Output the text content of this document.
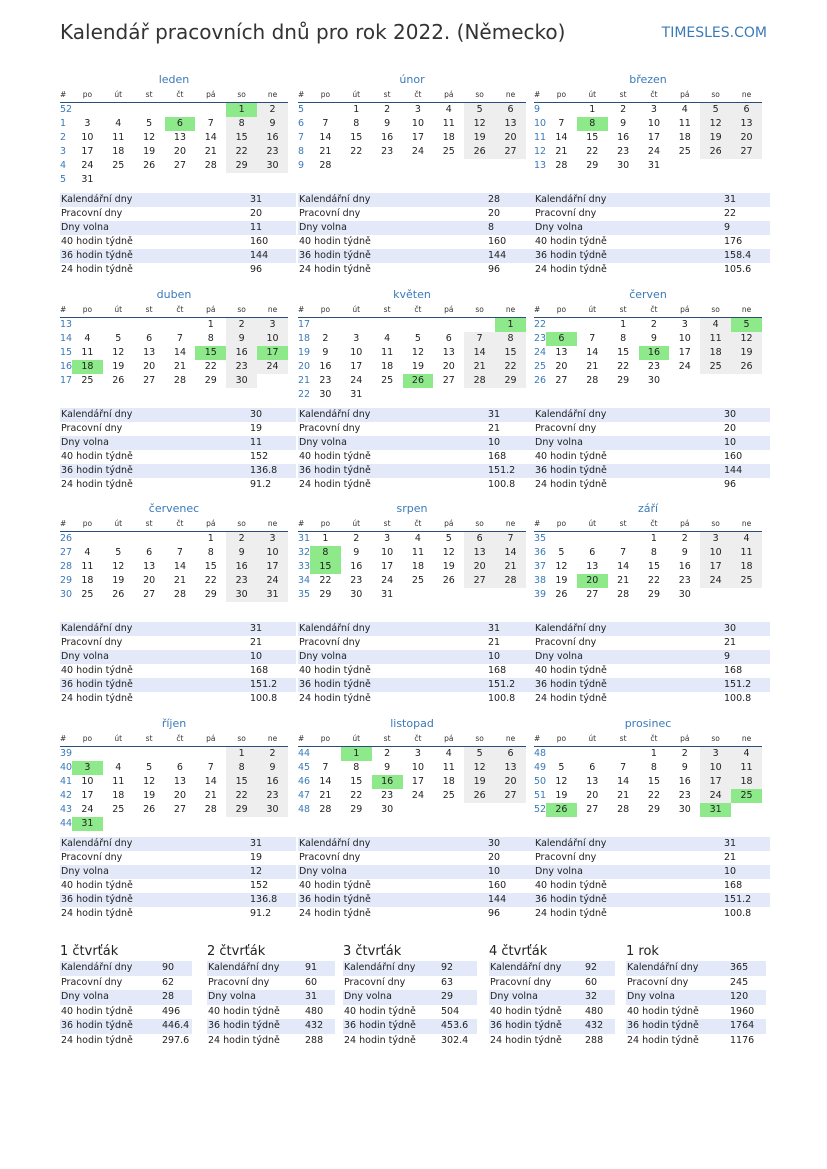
Kalendář pracovních dnů pro rok 2022. (Německo)	TIMESLES.COM
leden
#	po	út	st	čt	pá	so	ne
52						1	2
1	3	4	5	6	7	8	9
2	10	11	12	13	14	15	16
3	17	18	19	20	21	22	23
4	24	25	26	27	28	29	30
5	31						
Kalendářní dny	31
Pracovní dny	20
Dny volna	11
40 hodin týdně	160
36 hodin týdně	144
24 hodin týdně	96
únor
#	po	út	st	čt	pá	so	ne
5		1	2	3	4	5	6
6	7	8	9	10	11	12	13
7	14	15	16	17	18	19	20
8	21	22	23	24	25	26	27
9	28						
Kalendářní dny	28
Pracovní dny	20
Dny volna	8
40 hodin týdně	160
36 hodin týdně	144
24 hodin týdně	96
březen
#	po	út	st	čt	pá	so	ne
9		1	2	3	4	5	6
10	7	8	9	10	11	12	13
11	14	15	16	17	18	19	20
12	21	22	23	24	25	26	27
13	28	29	30	31			
Kalendářní dny	31
Pracovní dny	22
Dny volna	9
40 hodin týdně	176
36 hodin týdně	158.4
24 hodin týdně	105.6
duben
#	po	út	st	čt	pá	so	ne
13					1	2	3
14	4	5	6	7	8	9	10
15	11	12	13	14	15	16	17
16	18	19	20	21	22	23	24
17	25	26	27	28	29	30	
Kalendářní dny	30
Pracovní dny	19
Dny volna	11
40 hodin týdně	152
36 hodin týdně	136.8
24 hodin týdně	91.2
květen
#	po	út	st	čt	pá	so	ne
17							1
18	2	3	4	5	6	7	8
19	9	10	11	12	13	14	15
20	16	17	18	19	20	21	22
21	23	24	25	26	27	28	29
22	30	31					
Kalendářní dny	31
Pracovní dny	21
Dny volna	10
40 hodin týdně	168
36 hodin týdně	151.2
24 hodin týdně	100.8
červen
#	po	út	st	čt	pá	so	ne
22			1	2	3	4	5
23	6	7	8	9	10	11	12
24	13	14	15	16	17	18	19
25	20	21	22	23	24	25	26
26	27	28	29	30			
Kalendářní dny	30
Pracovní dny	20
Dny volna	10
40 hodin týdně	160
36 hodin týdně	144
24 hodin týdně	96
červenec
#	po	út	st	čt	pá	so	ne
26					1	2	3
27	4	5	6	7	8	9	10
28	11	12	13	14	15	16	17
29	18	19	20	21	22	23	24
30	25	26	27	28	29	30	31
Kalendářní dny	31
Pracovní dny	21
Dny volna	10
40 hodin týdně	168
36 hodin týdně	151.2
24 hodin týdně	100.8
srpen
#	po	út	st	čt	pá	so	ne
31	1	2	3	4	5	6	7
32	8	9	10	11	12	13	14
33	15	16	17	18	19	20	21
34	22	23	24	25	26	27	28
35	29	30	31				
Kalendářní dny	31
Pracovní dny	21
Dny volna	10
40 hodin týdně	168
36 hodin týdně	151.2
24 hodin týdně	100.8
září
#	po	út	st	čt	pá	so	ne
35				1	2	3	4
36	5	6	7	8	9	10	11
37	12	13	14	15	16	17	18
38	19	20	21	22	23	24	25
39	26	27	28	29	30		
Kalendářní dny	30
Pracovní dny	21
Dny volna	9
40 hodin týdně	168
36 hodin týdně	151.2
24 hodin týdně	100.8
říjen
#	po	út	st	čt	pá	so	ne
39						1	2
40	3	4	5	6	7	8	9
41	10	11	12	13	14	15	16
42	17	18	19	20	21	22	23
43	24	25	26	27	28	29	30
44	31						
Kalendářní dny	31
Pracovní dny	19
Dny volna	12
40 hodin týdně	152
36 hodin týdně	136.8
24 hodin týdně	91.2
listopad
#	po	út	st	čt	pá	so	ne
44		1	2	3	4	5	6
45	7	8	9	10	11	12	13
46	14	15	16	17	18	19	20
47	21	22	23	24	25	26	27
48	28	29	30				
Kalendářní dny	30
Pracovní dny	20
Dny volna	10
40 hodin týdně	160
36 hodin týdně	144
24 hodin týdně	96
prosinec
#	po	út	st	čt	pá	so	ne
48				1	2	3	4
49	5	6	7	8	9	10	11
50	12	13	14	15	16	17	18
51	19	20	21	22	23	24	25
52	26	27	28	29	30	31	
Kalendářní dny	31
Pracovní dny	21
Dny volna	10
40 hodin týdně	168
36 hodin týdně	151.2
24 hodin týdně	100.8
1 čtvrťák
Kalendářní dny	90
Pracovní dny	62
Dny volna	28
40 hodin týdně	496
36 hodin týdně	446.4
24 hodin týdně	297.6
2 čtvrťák
Kalendářní dny	91
Pracovní dny	60
Dny volna	31
40 hodin týdně	480
36 hodin týdně	432
24 hodin týdně	288
3 čtvrťák
Kalendářní dny	92
Pracovní dny	63
Dny volna	29
40 hodin týdně	504
36 hodin týdně	453.6
24 hodin týdně	302.4
4 čtvrťák
Kalendářní dny	92
Pracovní dny	60
Dny volna	32
40 hodin týdně	480
36 hodin týdně	432
24 hodin týdně	288
1 rok
Kalendářní dny	365
Pracovní dny	245
Dny volna	120
40 hodin týdně	1960
36 hodin týdně	1764
24 hodin týdně	1176
